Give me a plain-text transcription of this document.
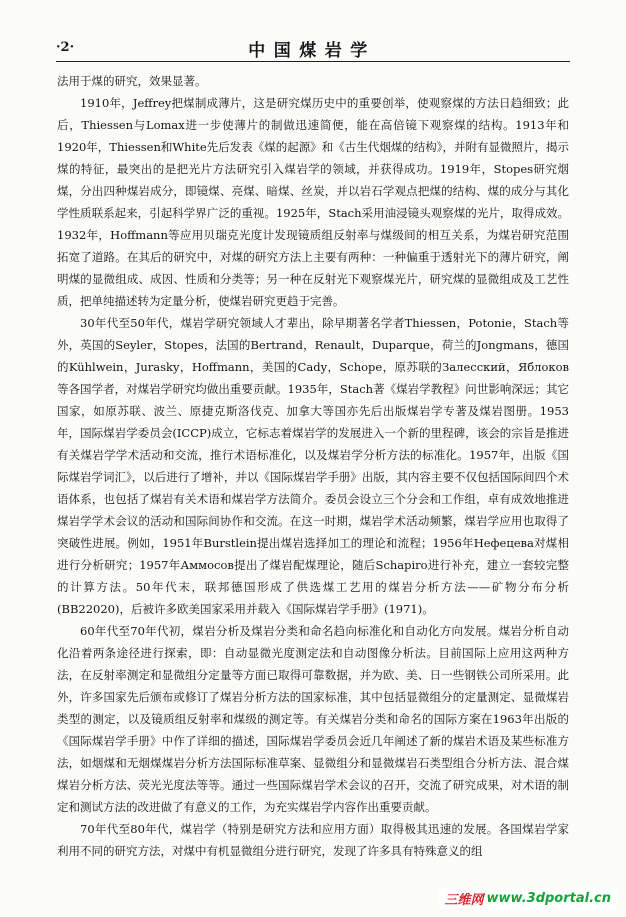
·2·	中国煤岩学

法用于煤的研究，效果显著。

1910年，Jeffrey把煤制成薄片，这是研究煤历史中的重要创举，使观察煤的方法日趋细致；此后，Thiessen与Lomax进一步使薄片的制做迅速简便，能在高倍镜下观察煤的结构。1913年和1920年，Thiessen和White先后发表《煤的起源》和《古生代烟煤的结构》，并附有显微照片，揭示煤的特征，最突出的是把光片方法研究引入煤岩学的领域，并获得成功。1919年，Stopes研究烟煤，分出四种煤岩成分，即镜煤、亮煤、暗煤、丝炭，并以岩石学观点把煤的结构、煤的成分与其化学性质联系起来，引起科学界广泛的重视。1925年，Stach采用油浸镜头观察煤的光片，取得成效。1932年，Hoffmann等应用贝瑞克光度计发现镜质组反射率与煤级间的相互关系，为煤岩研究范围拓宽了道路。在其后的研究中，对煤的研究方法上主要有两种：一种偏重于透射光下的薄片研究，阐明煤的显微组成、成因、性质和分类等；另一种在反射光下观察煤光片，研究煤的显微组成及工艺性质，把单纯描述转为定量分析，使煤岩研究更趋于完善。

30年代至50年代，煤岩学研究领域人才辈出，除早期著名学者Thiessen，Potonie，Stach等外，英国的Seyler，Stopes，法国的Bertrand，Renault，Duparque，荷兰的Jongmans，德国的Kühlwein，Jurasky，Hoffmann，美国的Cady，Schope，原苏联的Залесский，Яблоков等各国学者，对煤岩学研究均做出重要贡献。1935年，Stach著《煤岩学教程》问世影响深远；其它国家，如原苏联、波兰、原捷克斯洛伐克、加拿大等国亦先后出版煤岩学专著及煤岩图册。1953年，国际煤岩学委员会(ICCP)成立，它标志着煤岩学的发展进入一个新的里程碑，该会的宗旨是推进有关煤岩学学术活动和交流，推行术语标准化，以及煤岩学分析方法的标准化。1957年，出版《国际煤岩学词汇》，以后进行了增补，并以《国际煤岩学手册》出版，其内容主要不仅包括国际间四个术语体系，也包括了煤岩有关术语和煤岩学方法简介。委员会设立三个分会和工作组，卓有成效地推进煤岩学学术会议的活动和国际间协作和交流。在这一时期，煤岩学术活动频繁，煤岩学应用也取得了突破性进展。例如，1951年Burstlein提出煤岩选择加工的理论和流程；1956年Нефецева对煤相进行分析研究；1957年Аммосов提出了煤岩配煤理论，随后Schapiro进行补充，建立一套较完整的计算方法。50年代末，联邦德国形成了供选煤工艺用的煤岩分析方法——矿物分布分析(BB22020)，后被许多欧美国家采用并载入《国际煤岩学手册》(1971)。

60年代至70年代初，煤岩分析及煤岩分类和命名趋向标准化和自动化方向发展。煤岩分析自动化沿着两条途径进行探索，即：自动显微光度测定法和自动图像分析法。目前国际上应用这两种方法，在反射率测定和显微组分定量等方面已取得可靠数据，并为欧、美、日一些钢铁公司所采用。此外，许多国家先后颁布或修订了煤岩分析方法的国家标准，其中包括显微组分的定量测定、显微煤岩类型的测定，以及镜质组反射率和煤级的测定等。有关煤岩分类和命名的国际方案在1963年出版的《国际煤岩学手册》中作了详细的描述，国际煤岩学委员会近几年阐述了新的煤岩术语及某些标准方法，如烟煤和无烟煤煤岩分析方法国际标准草案、显微组分和显微煤岩石类型组合分析方法、混合煤煤岩分析方法、荧光光度法等等。通过一些国际煤岩学术会议的召开，交流了研究成果，对术语的制定和测试方法的改进做了有意义的工作，为充实煤岩学内容作出重要贡献。

70年代至80年代，煤岩学（特别是研究方法和应用方面）取得极其迅速的发展。各国煤岩学家利用不同的研究方法，对煤中有机显微组分进行研究，发现了许多具有特殊意义的组

三维网 www.3dportal.cn
